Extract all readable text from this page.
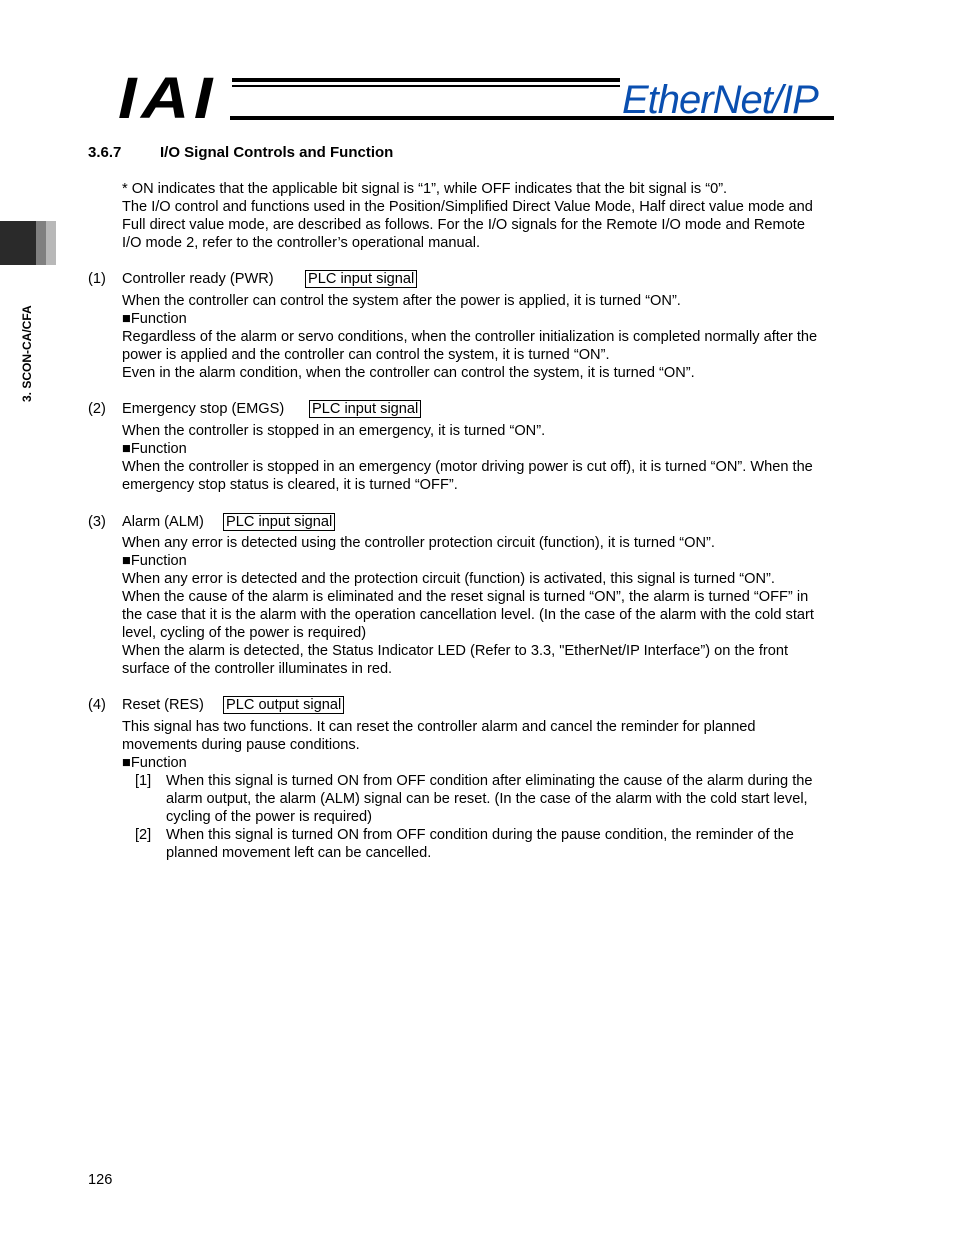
IAI	EtherNet/IP
3. SCON-CA/CFA
3.6.7	I/O Signal Controls and Function
* ON indicates that the applicable bit signal is “1”, while OFF indicates that the bit signal is “0”.
The I/O control and functions used in the Position/Simplified Direct Value Mode, Half direct value mode and
Full direct value mode, are described as follows. For the I/O signals for the Remote I/O mode and Remote
I/O mode 2, refer to the controller’s operational manual.
(1) Controller ready (PWR) PLC input signal
When the controller can control the system after the power is applied, it is turned “ON”.
■Function
Regardless of the alarm or servo conditions, when the controller initialization is completed normally after the
power is applied and the controller can control the system, it is turned “ON”.
Even in the alarm condition, when the controller can control the system, it is turned “ON”.
(2) Emergency stop (EMGS) PLC input signal
When the controller is stopped in an emergency, it is turned “ON”.
■Function
When the controller is stopped in an emergency (motor driving power is cut off), it is turned “ON”. When the
emergency stop status is cleared, it is turned “OFF”.
(3) Alarm (ALM) PLC input signal
When any error is detected using the controller protection circuit (function), it is turned “ON”.
■Function
When any error is detected and the protection circuit (function) is activated, this signal is turned “ON”.
When the cause of the alarm is eliminated and the reset signal is turned “ON”, the alarm is turned “OFF” in
the case that it is the alarm with the operation cancellation level. (In the case of the alarm with the cold start
level, cycling of the power is required)
When the alarm is detected, the Status Indicator LED (Refer to 3.3, "EtherNet/IP Interface”) on the front
surface of the controller illuminates in red.
(4) Reset (RES) PLC output signal
This signal has two functions. It can reset the controller alarm and cancel the reminder for planned
movements during pause conditions.
■Function
[1] When this signal is turned ON from OFF condition after eliminating the cause of the alarm during the
alarm output, the alarm (ALM) signal can be reset. (In the case of the alarm with the cold start level,
cycling of the power is required)
[2] When this signal is turned ON from OFF condition during the pause condition, the reminder of the
planned movement left can be cancelled.
126
